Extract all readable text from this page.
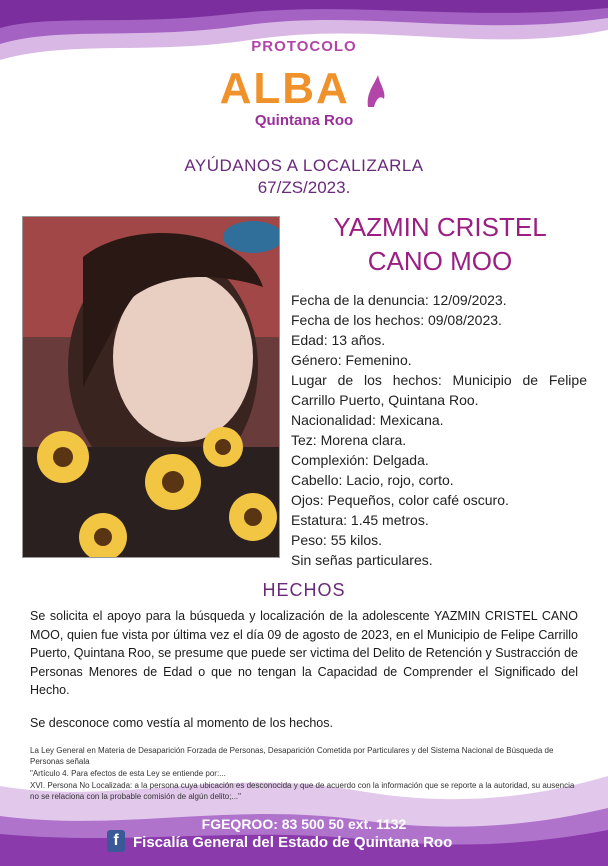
PROTOCOLO
ALBA
Quintana Roo
AYÚDANOS A LOCALIZARLA
67/ZS/2023.
YAZMIN CRISTEL
CANO MOO
Fecha de la denuncia: 12/09/2023.
Fecha de los hechos: 09/08/2023.
Edad: 13 años.
Género: Femenino.
Lugar de los hechos: Municipio de Felipe Carrillo Puerto, Quintana Roo.
Nacionalidad: Mexicana.
Tez: Morena clara.
Complexión: Delgada.
Cabello: Lacio, rojo, corto.
Ojos: Pequeños, color café oscuro.
Estatura: 1.45 metros.
Peso: 55 kilos.
Sin señas particulares.
HECHOS
Se solicita el apoyo para la búsqueda y localización de la adolescente YAZMIN CRISTEL CANO MOO, quien fue vista por última vez el día 09 de agosto de 2023, en el Municipio de Felipe Carrillo Puerto, Quintana Roo, se presume que puede ser victima del Delito de Retención y Sustracción de Personas Menores de Edad o que no tengan la Capacidad de Comprender el Significado del Hecho.
Se desconoce como vestía al momento de los hechos.

La Ley General en Materia de Desaparición Forzada de Personas, Desaparición Cometida por Particulares y del Sistema Nacional de Búsqueda de Personas señala

"Artículo 4. Para efectos de esta Ley se entiende por:...

XVI. Persona No Localizada: a la persona cuya ubicación es desconocida y que de acuerdo con la información que se reporte a la autoridad, su ausencia no se relaciona con la probable comisión de algún delito;..."

FGEQROO: 83 500 50 ext. 1132
f Fiscalía General del Estado de Quintana Roo
